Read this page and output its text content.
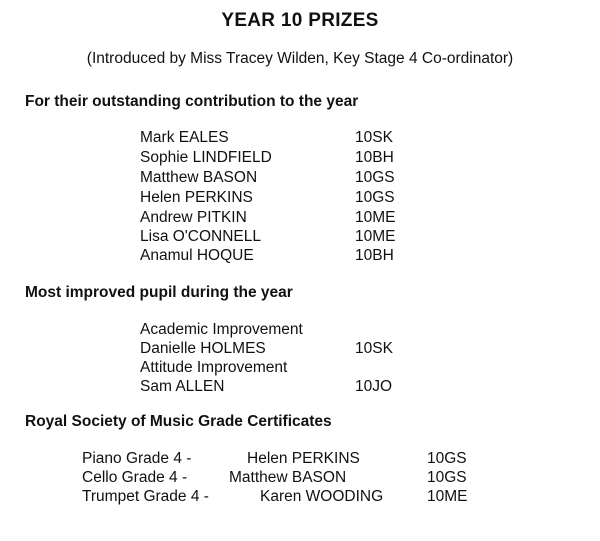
YEAR 10 PRIZES
(Introduced by Miss Tracey Wilden, Key Stage 4 Co-ordinator)
For their outstanding contribution to the year
Mark EALES	10SK
Sophie LINDFIELD	10BH
Matthew BASON	10GS
Helen PERKINS	10GS
Andrew PITKIN	10ME
Lisa O'CONNELL	10ME
Anamul HOQUE	10BH
Most improved pupil during the year
Academic Improvement
Danielle HOLMES	10SK
Attitude Improvement
Sam ALLEN	10JO
Royal Society of Music Grade Certificates
Piano Grade 4 -	Helen PERKINS	10GS
Cello Grade 4 -	Matthew BASON	10GS
Trumpet Grade 4 -	Karen WOODING	10ME
